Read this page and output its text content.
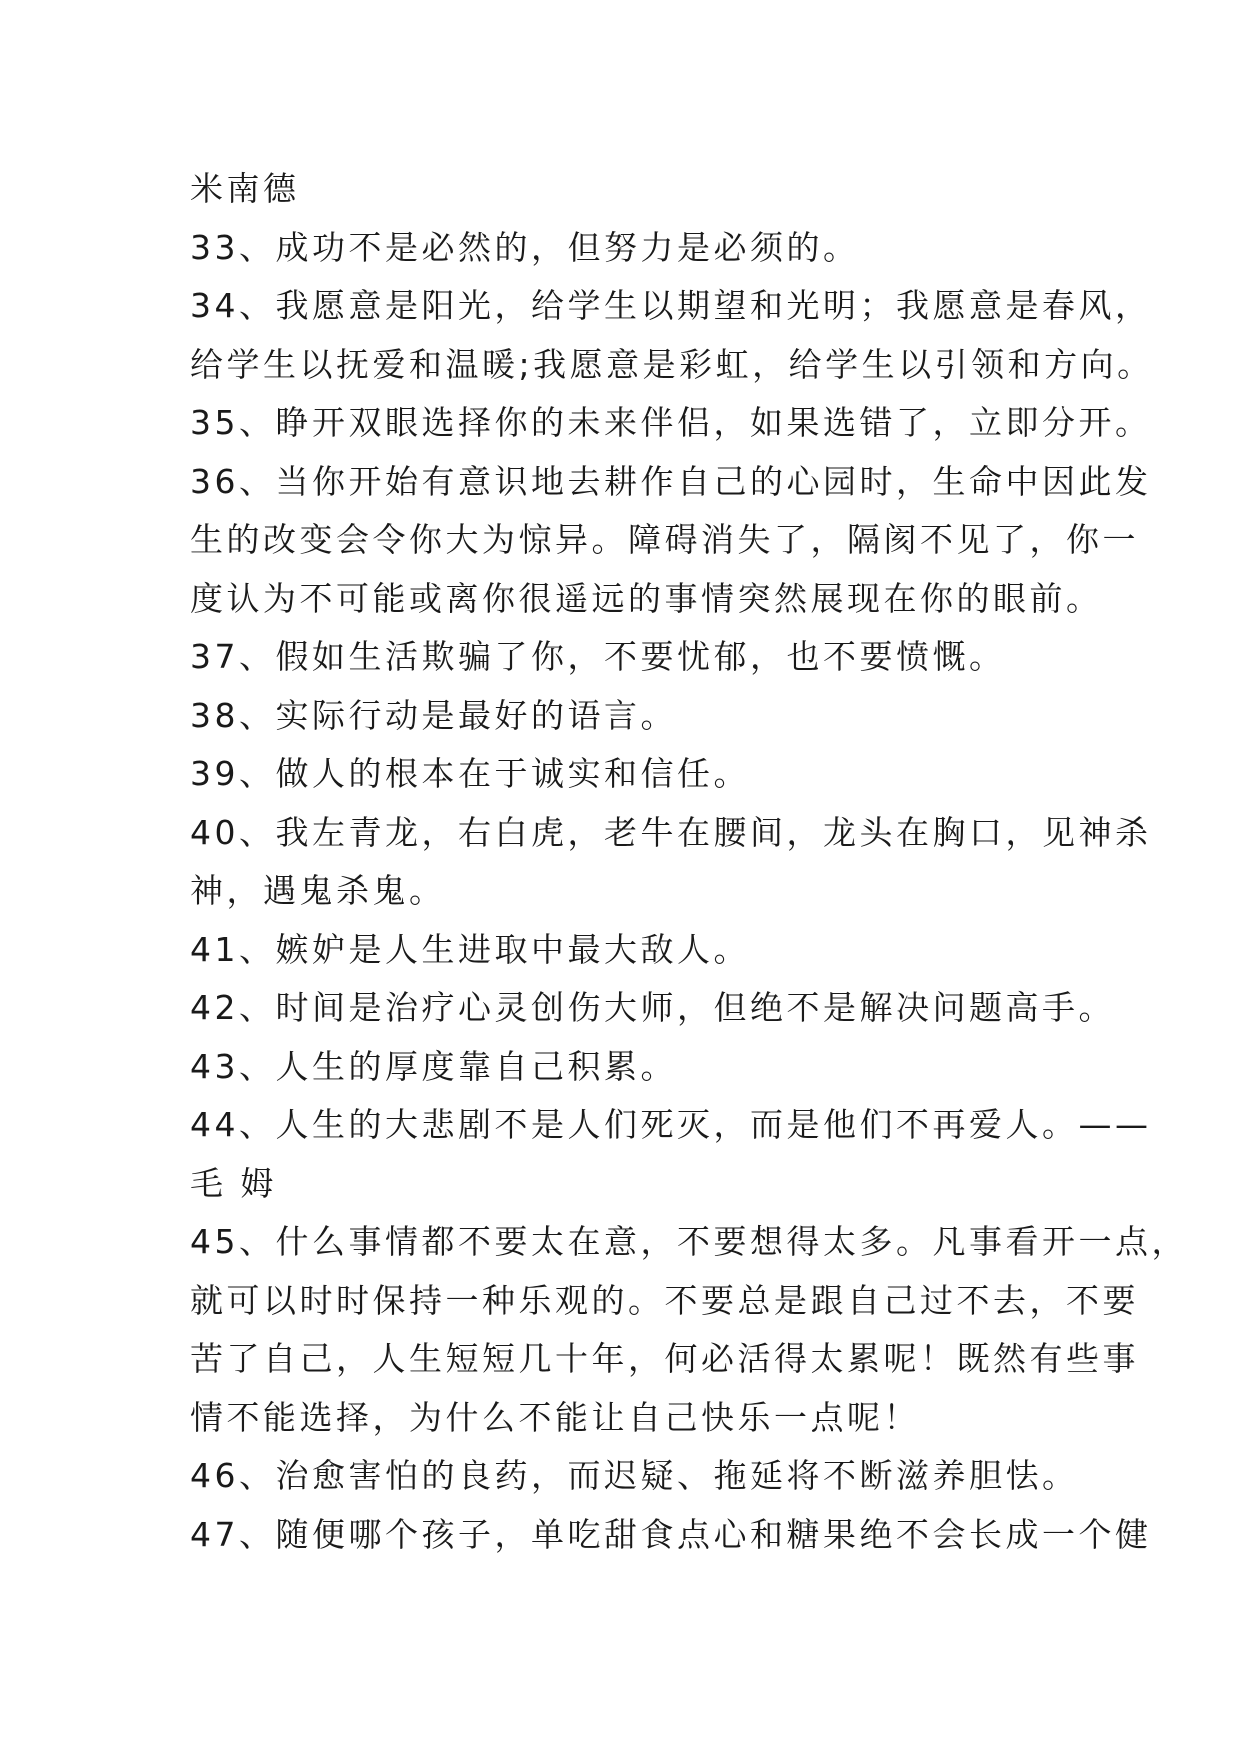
米南德
33、成功不是必然的，但努力是必须的。
34、我愿意是阳光，给学生以期望和光明；我愿意是春风，
给学生以抚爱和温暖;我愿意是彩虹，给学生以引领和方向。
35、睁开双眼选择你的未来伴侣，如果选错了，立即分开。
36、当你开始有意识地去耕作自己的心园时，生命中因此发
生的改变会令你大为惊异。障碍消失了，隔阂不见了，你一
度认为不可能或离你很遥远的事情突然展现在你的眼前。
37、假如生活欺骗了你，不要忧郁，也不要愤慨。
38、实际行动是最好的语言。
39、做人的根本在于诚实和信任。
40、我左青龙，右白虎，老牛在腰间，龙头在胸口，见神杀
神，遇鬼杀鬼。
41、嫉妒是人生进取中最大敌人。
42、时间是治疗心灵创伤大师，但绝不是解决问题高手。
43、人生的厚度靠自己积累。
44、人生的大悲剧不是人们死灭，而是他们不再爱人。——
毛 姆
45、什么事情都不要太在意，不要想得太多。凡事看开一点，
就可以时时保持一种乐观的。不要总是跟自己过不去，不要
苦了自己，人生短短几十年，何必活得太累呢！既然有些事
情不能选择，为什么不能让自己快乐一点呢！
46、治愈害怕的良药，而迟疑、拖延将不断滋养胆怯。
47、随便哪个孩子，单吃甜食点心和糖果绝不会长成一个健
